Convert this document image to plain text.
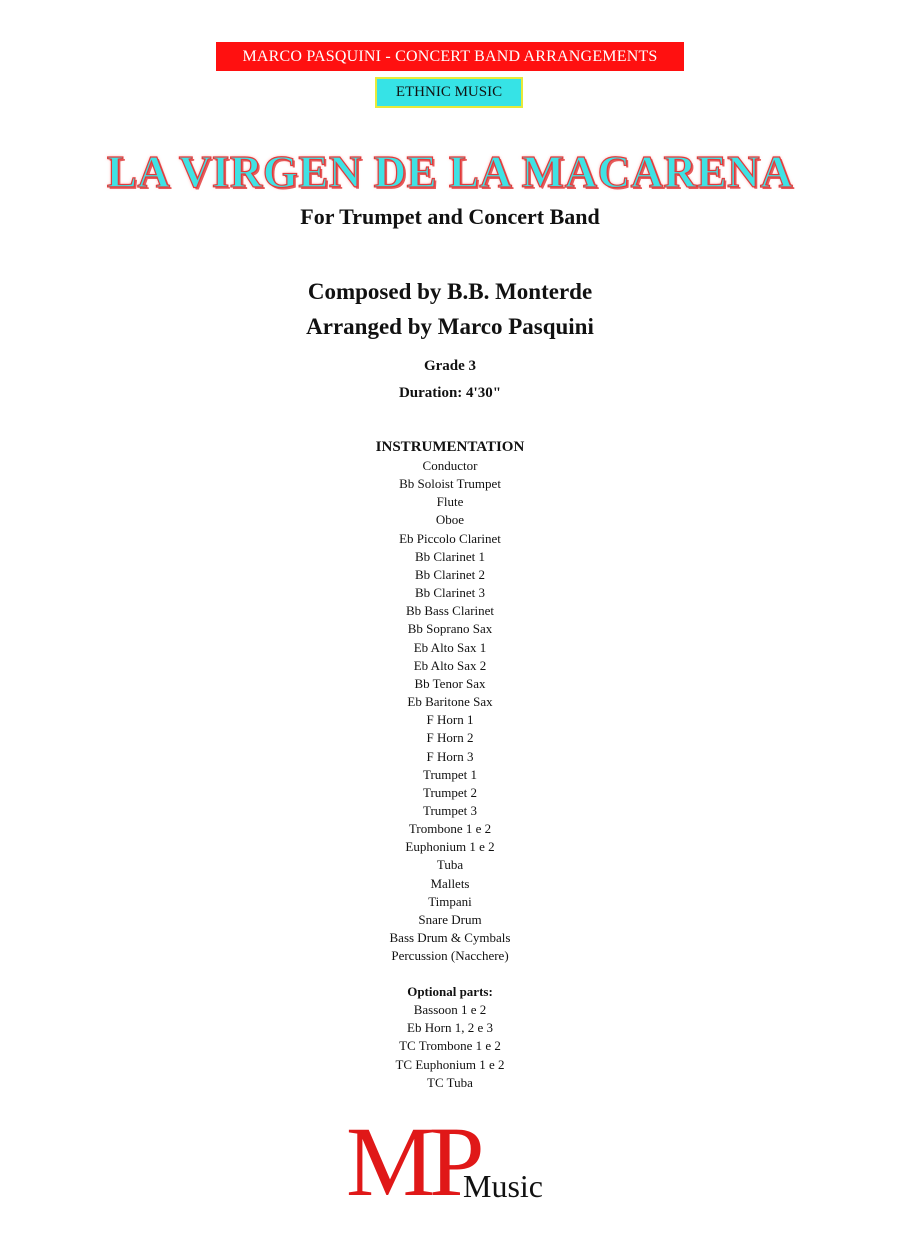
MARCO PASQUINI - CONCERT BAND ARRANGEMENTS
ETHNIC MUSIC
LA VIRGEN DE LA MACARENA
For Trumpet and Concert Band
Composed by B.B. Monterde
Arranged by Marco Pasquini
Grade 3
Duration: 4'30"
INSTRUMENTATION
Conductor
Bb Soloist Trumpet
Flute
Oboe
Eb Piccolo Clarinet
Bb Clarinet 1
Bb Clarinet 2
Bb Clarinet 3
Bb Bass Clarinet
Bb Soprano Sax
Eb Alto Sax 1
Eb Alto Sax 2
Bb Tenor Sax
Eb Baritone Sax
F Horn 1
F Horn 2
F Horn 3
Trumpet 1
Trumpet 2
Trumpet 3
Trombone 1 e 2
Euphonium 1 e 2
Tuba
Mallets
Timpani
Snare Drum
Bass Drum & Cymbals
Percussion (Nacchere)
Optional parts:
Bassoon 1 e 2
Eb Horn 1, 2 e 3
TC Trombone 1 e 2
TC Euphonium 1 e 2
TC Tuba
MP
Music
